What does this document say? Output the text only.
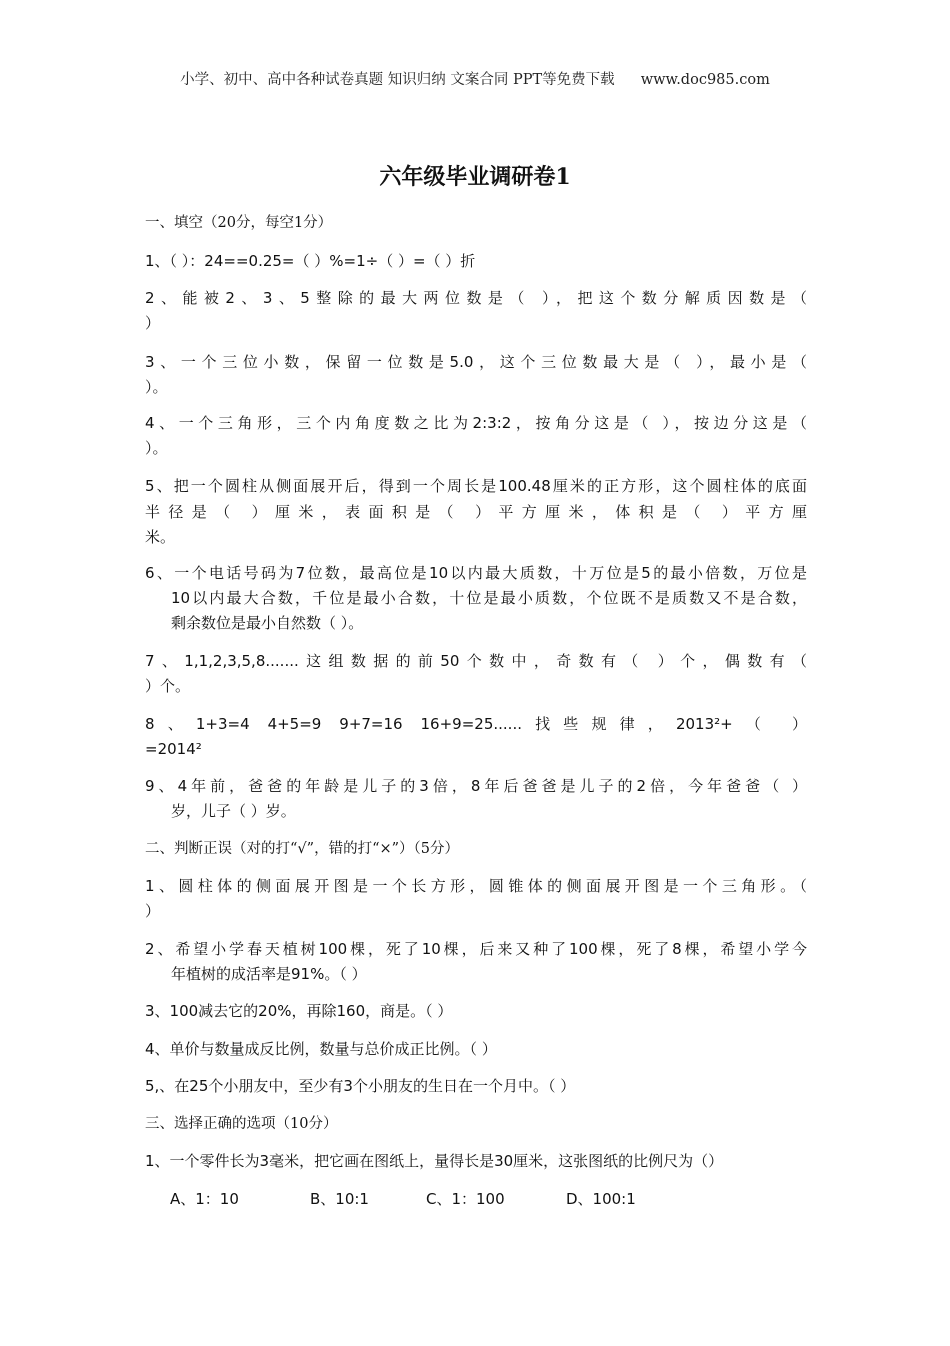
小学、初中、高中各种试卷真题 知识归纳 文案合同 PPT等免费下载 www.doc985.com
六年级毕业调研卷1
一、填空（20分，每空1分）
1、（ ）：24==0.25=（ ）%=1÷（ ）=（ ）折
2、能被2、3、5整除的最大两位数是（ ），把这个数分解质因数是（
）
3、一个三位小数，保留一位数是5.0，这个三位数最大是（ ），最小是（
）。
4、一个三角形，三个内角度数之比为2:3:2，按角分这是（ ），按边分这是（
）。
5、把一个圆柱从侧面展开后，得到一个周长是100.48厘米的正方形，这个圆柱体的底面
半径是（ ）厘米，表面积是（ ）平方厘米，体积是（ ）平方厘
米。
6、一个电话号码为7位数，最高位是10以内最大质数，十万位是5的最小倍数，万位是
10以内最大合数，千位是最小合数，十位是最小质数，个位既不是质数又不是合数，
剩余数位是最小自然数（ ）。
7、1,1,2,3,5,8.......这组数据的前50个数中，奇数有（ ）个，偶数有（
）个。
8、1+3=4 4+5=9 9+7=16 16+9=25......找些规律，2013²+（ ）
=2014²
9、4年前，爸爸的年龄是儿子的3倍，8年后爸爸是儿子的2倍，今年爸爸（ ）
岁，儿子（ ）岁。
二、判断正误（对的打“√”，错的打“×”）（5分）
1、圆柱体的侧面展开图是一个长方形，圆锥体的侧面展开图是一个三角形。（
）
2、希望小学春天植树100棵，死了10棵，后来又种了100棵，死了8棵，希望小学今
年植树的成活率是91%。（ ）
3、100减去它的20%，再除160，商是。（ ）
4、单价与数量成反比例，数量与总价成正比例。（ ）
5,、在25个小朋友中，至少有3个小朋友的生日在一个月中。（ ）
三、选择正确的选项（10分）
1、一个零件长为3毫米，把它画在图纸上，量得长是30厘米，这张图纸的比例尺为（）
A、1：10	B、10:1	C、1：100	D、100:1
